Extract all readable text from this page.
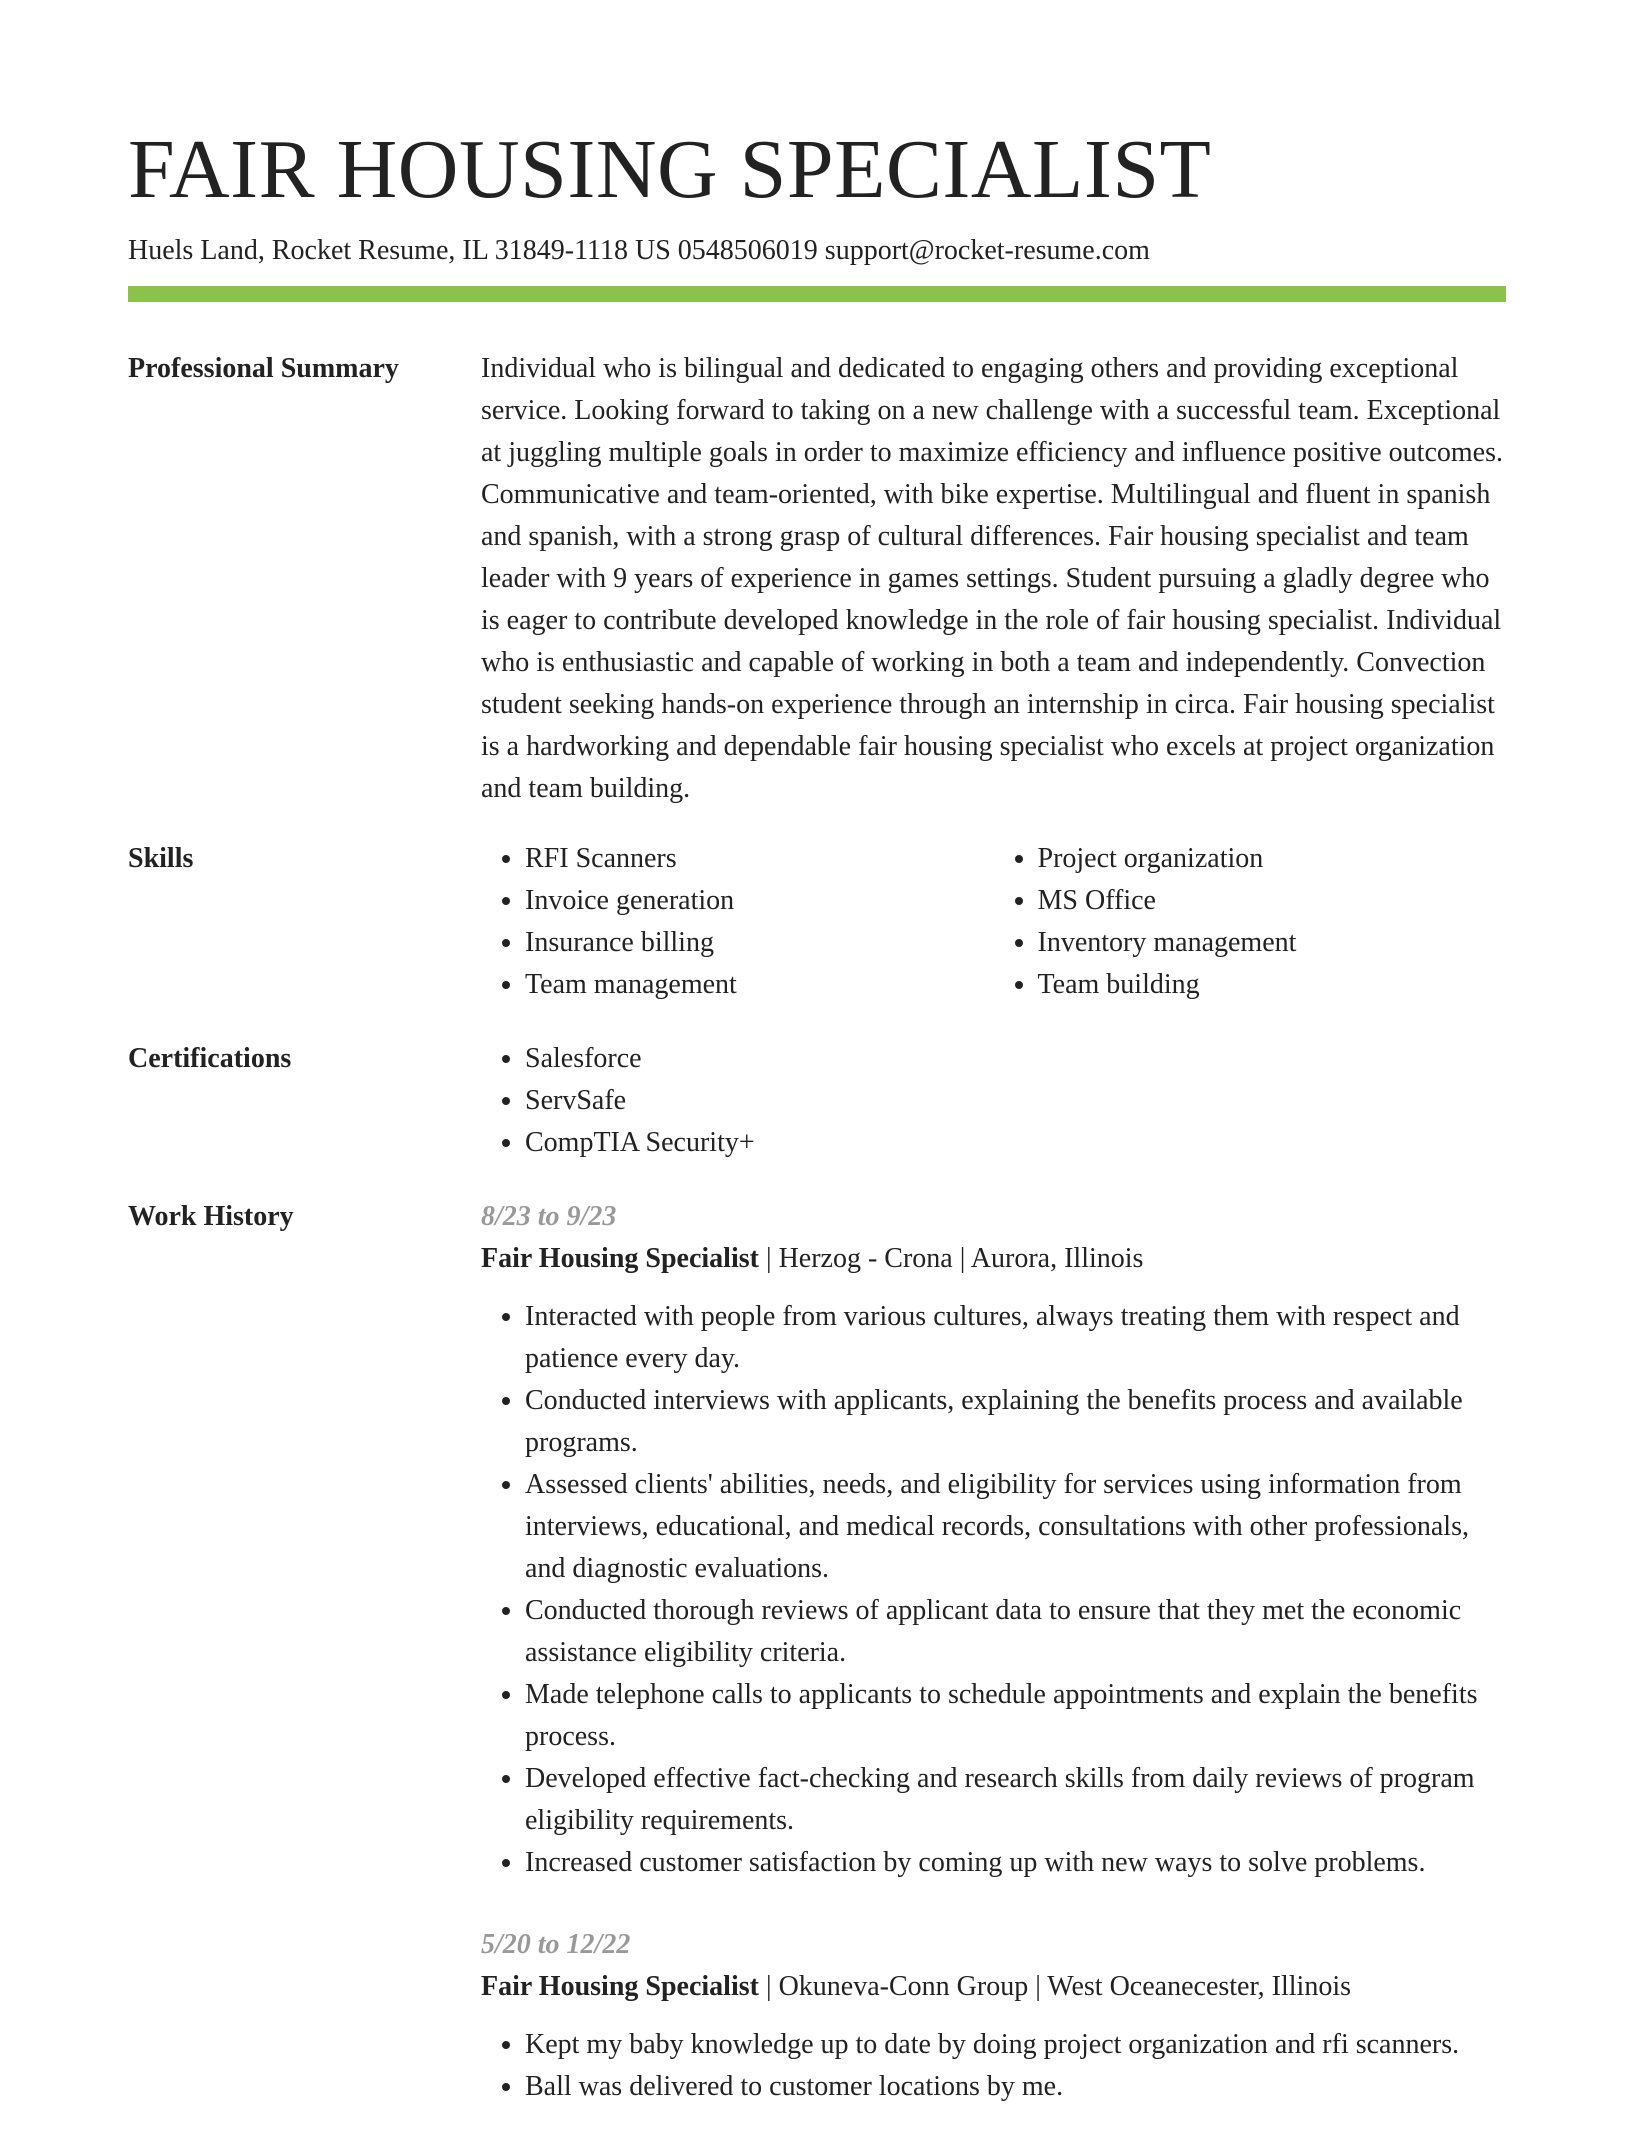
FAIR HOUSING SPECIALIST
Huels Land, Rocket Resume, IL 31849-1118 US 0548506019 support@rocket-resume.com
Professional Summary	Individual who is bilingual and dedicated to engaging others and providing exceptional service. Looking forward to taking on a new challenge with a successful team. Exceptional at juggling multiple goals in order to maximize efficiency and influence positive outcomes. Communicative and team-oriented, with bike expertise. Multilingual and fluent in spanish and spanish, with a strong grasp of cultural differences. Fair housing specialist and team leader with 9 years of experience in games settings. Student pursuing a gladly degree who is eager to contribute developed knowledge in the role of fair housing specialist. Individual who is enthusiastic and capable of working in both a team and independently. Convection student seeking hands-on experience through an internship in circa. Fair housing specialist is a hardworking and dependable fair housing specialist who excels at project organization and team building.

Skills	• RFI Scanners
• Invoice generation
• Insurance billing
• Team management
• Project organization
• MS Office
• Inventory management
• Team building
Certifications	• Salesforce
• ServSafe
• CompTIA Security+
Work History	8/23 to 9/23
Fair Housing Specialist | Herzog - Crona | Aurora, Illinois
• Interacted with people from various cultures, always treating them with respect and patience every day.
• Conducted interviews with applicants, explaining the benefits process and available programs.
• Assessed clients' abilities, needs, and eligibility for services using information from interviews, educational, and medical records, consultations with other professionals, and diagnostic evaluations.
• Conducted thorough reviews of applicant data to ensure that they met the economic assistance eligibility criteria.
• Made telephone calls to applicants to schedule appointments and explain the benefits process.
• Developed effective fact-checking and research skills from daily reviews of program eligibility requirements.
• Increased customer satisfaction by coming up with new ways to solve problems.
5/20 to 12/22
Fair Housing Specialist | Okuneva-Conn Group | West Oceanecester, Illinois
• Kept my baby knowledge up to date by doing project organization and rfi scanners.
• Ball was delivered to customer locations by me.
